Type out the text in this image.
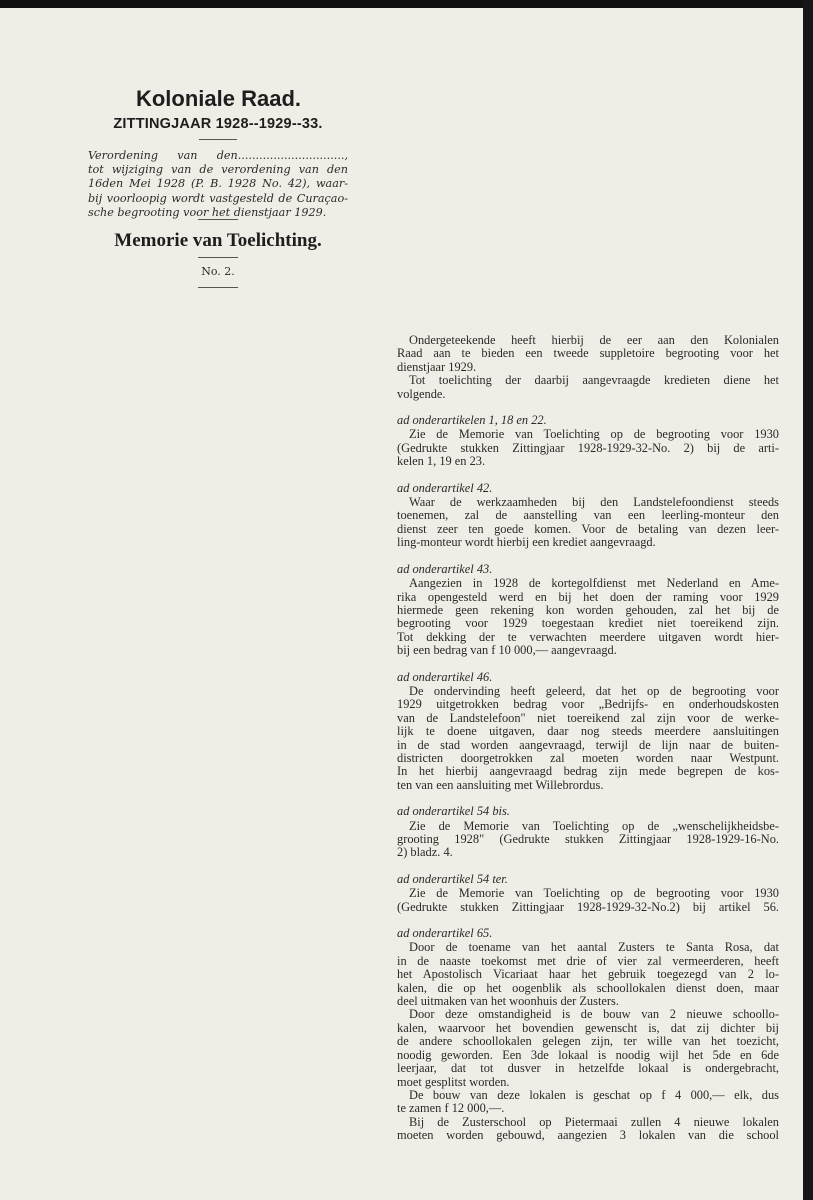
Koloniale Raad.
ZITTINGJAAR 1928--1929--33.
Verordening van den..............................,
tot wijziging van de verordening van den
16den Mei 1928 (P. B. 1928 No. 42), waar-
bij voorloopig wordt vastgesteld de Curaçao-
sche begrooting voor het dienstjaar 1929.
Memorie van Toelichting.
No. 2.
Ondergeteekende heeft hierbij de eer aan den Kolonialen
Raad aan te bieden een tweede suppletoire begrooting voor het
dienstjaar 1929.
Tot toelichting der daarbij aangevraagde kredieten diene het
volgende.
ad onderartikelen 1, 18 en 22.
Zie de Memorie van Toelichting op de begrooting voor 1930
(Gedrukte stukken Zittingjaar 1928-1929-32-No. 2) bij de arti-
kelen 1, 19 en 23.
ad onderartikel 42.
Waar de werkzaamheden bij den Landstelefoondienst steeds
toenemen, zal de aanstelling van een leerling-monteur den
dienst zeer ten goede komen. Voor de betaling van dezen leer-
ling-monteur wordt hierbij een krediet aangevraagd.
ad onderartikel 43.
Aangezien in 1928 de kortegolfdienst met Nederland en Ame-
rika opengesteld werd en bij het doen der raming voor 1929
hiermede geen rekening kon worden gehouden, zal het bij de
begrooting voor 1929 toegestaan krediet niet toereikend zijn.
Tot dekking der te verwachten meerdere uitgaven wordt hier-
bij een bedrag van f 10 000,— aangevraagd.
ad onderartikel 46.
De ondervinding heeft geleerd, dat het op de begrooting voor
1929 uitgetrokken bedrag voor „Bedrijfs- en onderhoudskosten
van de Landstelefoon" niet toereikend zal zijn voor de werke-
lijk te doene uitgaven, daar nog steeds meerdere aansluitingen
in de stad worden aangevraagd, terwijl de lijn naar de buiten-
districten doorgetrokken zal moeten worden naar Westpunt.
In het hierbij aangevraagd bedrag zijn mede begrepen de kos-
ten van een aansluiting met Willebrordus.
ad onderartikel 54 bis.
Zie de Memorie van Toelichting op de „wenschelijkheidsbe-
grooting 1928" (Gedrukte stukken Zittingjaar 1928-1929-16-No.
2) bladz. 4.
ad onderartikel 54 ter.
Zie de Memorie van Toelichting op de begrooting voor 1930
(Gedrukte stukken Zittingjaar 1928-1929-32-No.2) bij artikel 56.
ad onderartikel 65.
Door de toename van het aantal Zusters te Santa Rosa, dat
in de naaste toekomst met drie of vier zal vermeerderen, heeft
het Apostolisch Vicariaat haar het gebruik toegezegd van 2 lo-
kalen, die op het oogenblik als schoollokalen dienst doen, maar
deel uitmaken van het woonhuis der Zusters.
Door deze omstandigheid is de bouw van 2 nieuwe schoollo-
kalen, waarvoor het bovendien gewenscht is, dat zij dichter bij
de andere schoollokalen gelegen zijn, ter wille van het toezicht,
noodig geworden. Een 3de lokaal is noodig wijl het 5de en 6de
leerjaar, dat tot dusver in hetzelfde lokaal is ondergebracht,
moet gesplitst worden.
De bouw van deze lokalen is geschat op f 4 000,— elk, dus
te zamen f 12 000,—.
Bij de Zusterschool op Pietermaai zullen 4 nieuwe lokalen
moeten worden gebouwd, aangezien 3 lokalen van die school
